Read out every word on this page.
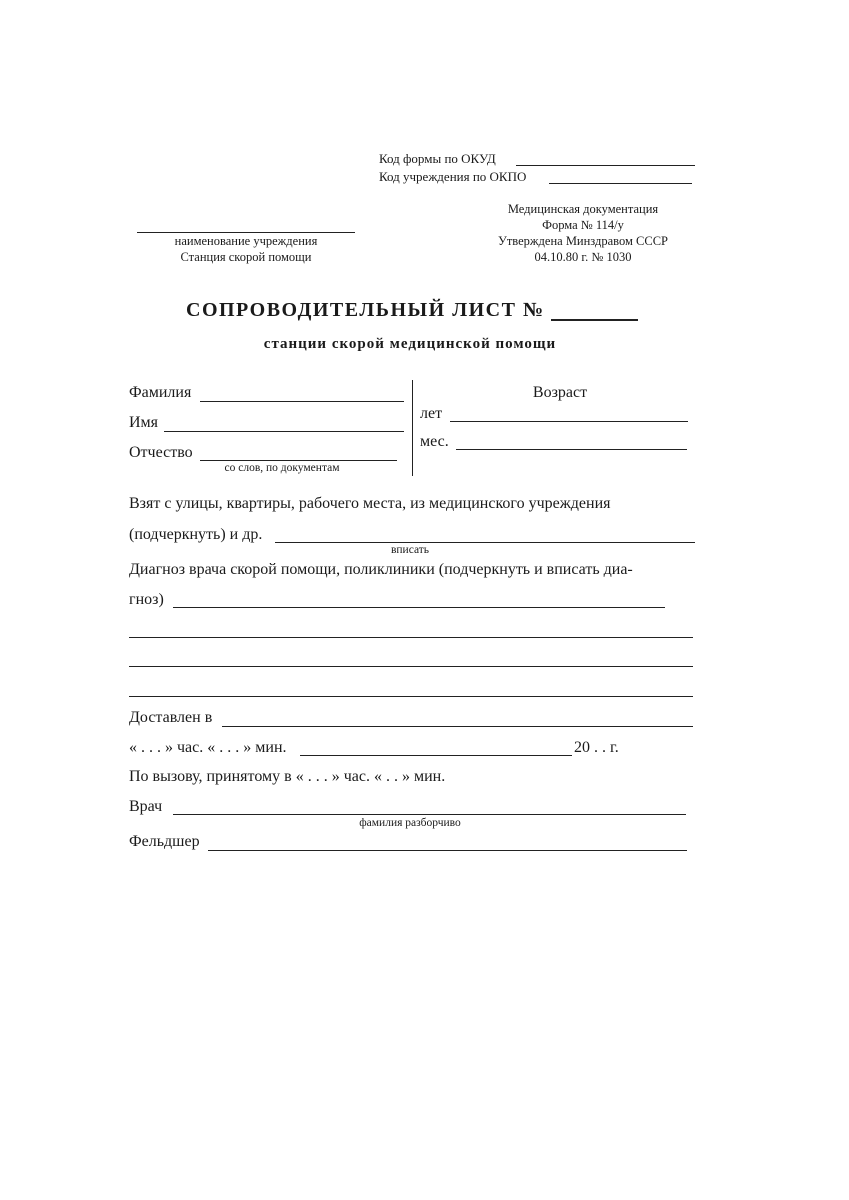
Код формы по ОКУД
Код учреждения по ОКПО
наименование учреждения
Станция скорой помощи
Медицинская документация
Форма № 114/у
Утверждена Минздравом СССР
04.10.80 г. № 1030
СОПРОВОДИТЕЛЬНЫЙ ЛИСТ №
станции скорой медицинской помощи
Фамилия
Имя
Отчество
со слов, по документам
Возраст
лет
мес.
Взят с улицы, квартиры, рабочего места, из медицинского учреждения
(подчеркнуть) и др.
вписать
Диагноз врача скорой помощи, поликлиники (подчеркнуть и вписать диа-
гноз)
Доставлен в
« . . . » час. « . . . » мин.	20 . . г.
По вызову, принятому в « . . . » час. « . . » мин.
Врач
фамилия разборчиво
Фельдшер
